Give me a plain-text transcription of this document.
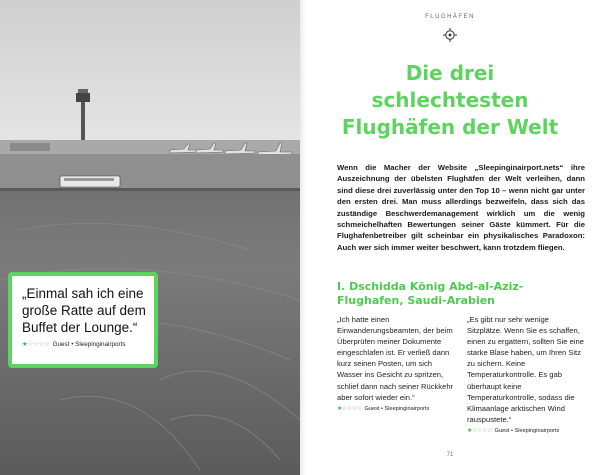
„Einmal sah ich eine große Ratte auf dem Buffet der Lounge.“

★ ☆☆☆☆ Guest • Sleepinginairports
FLUGHÄFEN
Die drei
schlechtesten
Flughäfen der Welt

Wenn die Macher der Website „Sleepinginairport.nets“ ihre Auszeichnung der übelsten Flughäfen der Welt verleihen, dann sind diese drei zuverlässig unter den Top 10 – wenn nicht gar unter den ersten drei. Man muss allerdings bezweifeln, dass sich das zuständige Beschwerdemanagement wirklich um die wenig schmeichelhaften Bewertungen seiner Gäste kümmert. Für die Flughafenbetreiber gilt scheinbar ein physikalisches Paradoxon: Auch wer sich immer weiter beschwert, kann trotzdem fliegen.

I. Dschidda König Abd-al-Aziz-Flughafen, Saudi-Arabien

„Ich hatte einen Einwanderungsbeamten, der beim Überprüfen meiner Dokumente eingeschlafen ist. Er verließ dann kurz seinen Posten, um sich Wasser ins Gesicht zu spritzen, schlief dann nach seiner Rückkehr aber sofort wieder ein.“

★ ☆☆☆☆ Guest • Sleepinginairports

„Es gibt nur sehr wenige Sitzplätze. Wenn Sie es schaffen, einen zu ergattern, sollten Sie eine starke Blase haben, um Ihren Sitz zu sichern. Keine Temperaturkontrolle. Es gab überhaupt keine Temperaturkontrolle, sodass die Klimaanlage arktischen Wind rauspustete.“

★ ☆☆☆☆ Guest • Sleepinginairports
71
